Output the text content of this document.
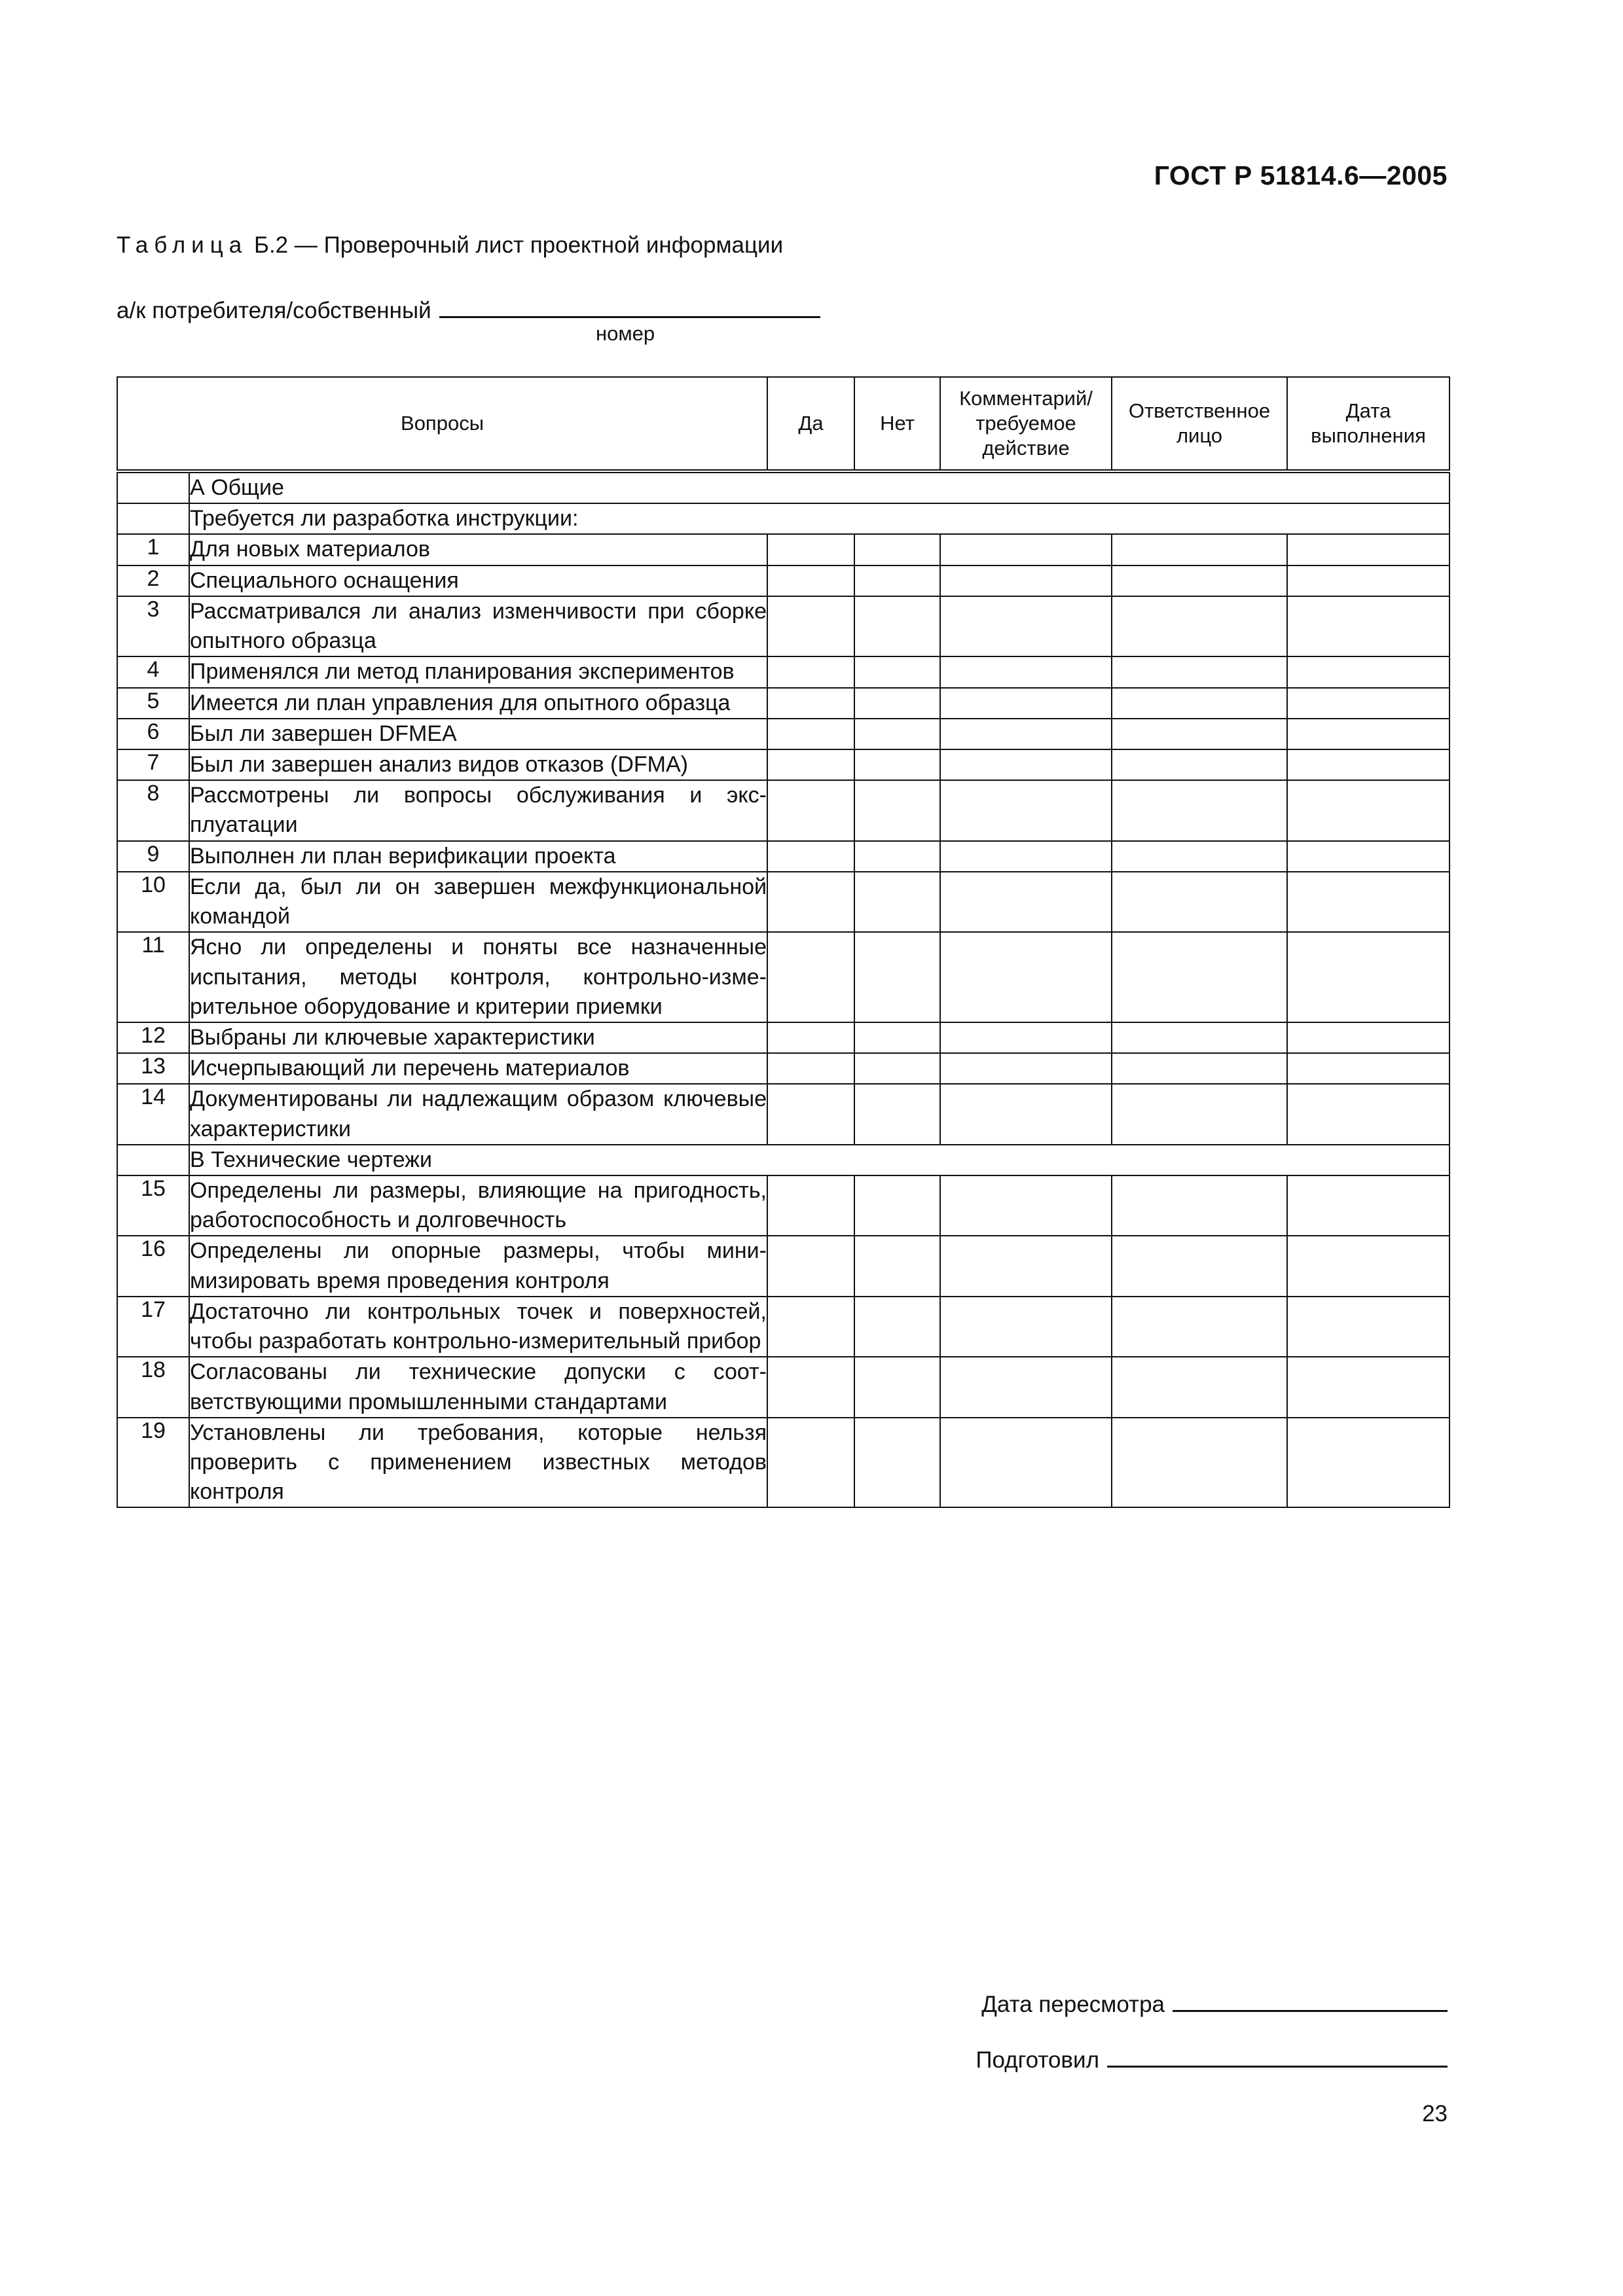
ГОСТ Р 51814.6—2005
Таблица Б.2 — Проверочный лист проектной информации
а/к потребителя/собственный
номер
Вопросы		Да	Нет	Комментарий/ требуемое действие	Ответственное лицо	Дата выполнения
	А Общие					
	Требуется ли разработка инструкции:					
1	Для новых материалов					
2	Специального оснащения					
3	Рассматривался ли анализ изменчивости при сборке опытного образца					
4	Применялся ли метод планирования экспериментов					
5	Имеется ли план управления для опытного образца					
6	Был ли завершен DFMEA					
7	Был ли завершен анализ видов отказов (DFMA)					
8	Рассмотрены ли вопросы обслуживания и эксплуатации					
9	Выполнен ли план верификации проекта					
10	Если да, был ли он завершен межфункциональной командой					
11	Ясно ли определены и поняты все назначенные испытания, методы контроля, контрольно-измерительное оборудование и критерии приемки					
12	Выбраны ли ключевые характеристики					
13	Исчерпывающий ли перечень материалов					
14	Документированы ли надлежащим образом ключевые характеристики					
	В Технические чертежи					
15	Определены ли размеры, влияющие на пригодность, работоспособность и долговечность					
16	Определены ли опорные размеры, чтобы минимизировать время проведения контроля					
17	Достаточно ли контрольных точек и поверхностей, чтобы разработать контрольно-измерительный прибор					
18	Согласованы ли технические допуски с соответствующими промышленными стандартами					
19	Установлены ли требования, которые нельзя проверить с применением известных методов контроля					
Дата пересмотра
Подготовил
23
